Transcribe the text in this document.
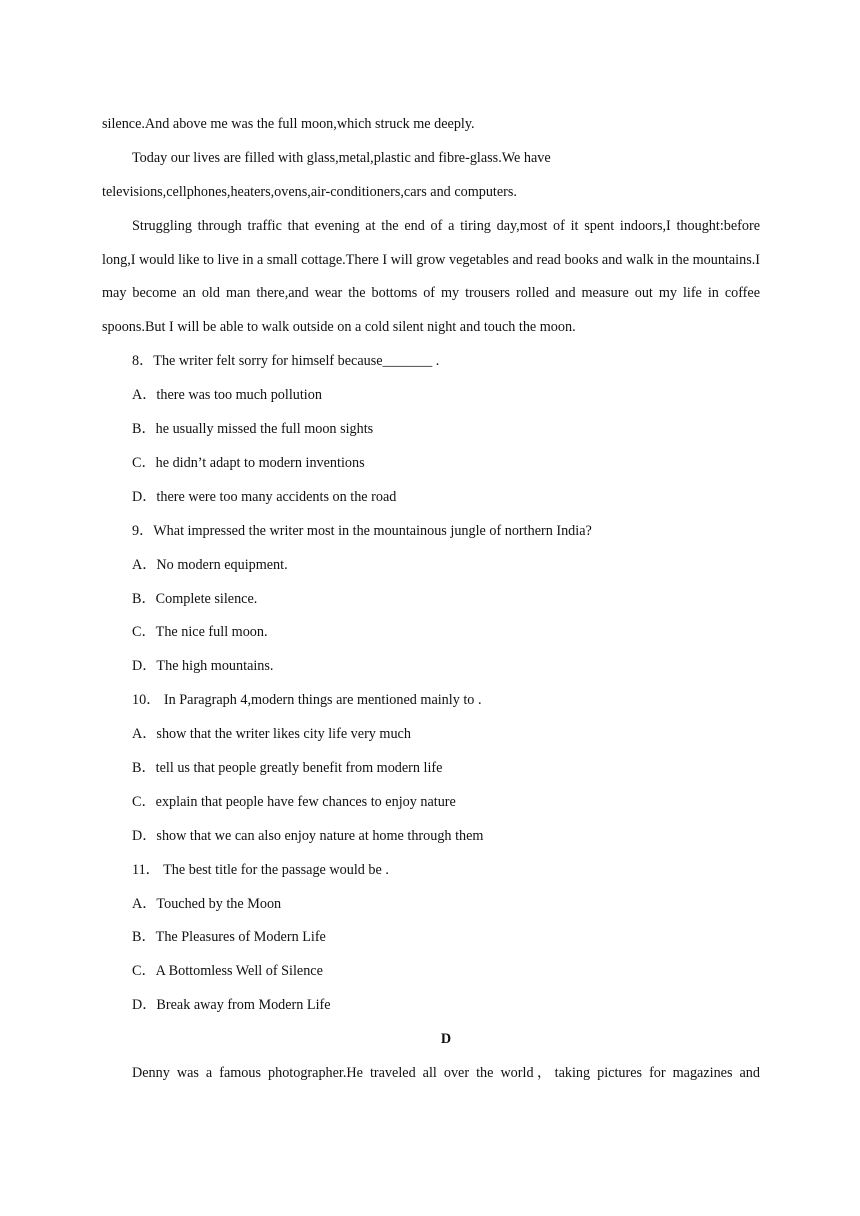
silence.And above me was the full moon,which struck me deeply.
Today our lives are filled with glass,metal,plastic and fibre-glass.We have
televisions,cellphones,heaters,ovens,air-conditioners,cars and computers.

Struggling through traffic that evening at the end of a tiring day,most of it spent indoors,I thought:before long,I would like to live in a small cottage.There I will grow vegetables and read books and walk in the mountains.I may become an old man there,and wear the bottoms of my trousers rolled and measure out my life in coffee spoons.But I will be able to walk outside on a cold silent night and touch the moon.

8．The writer felt sorry for himself because_______ .
A．there was too much pollution
B．he usually missed the full moon sights
C．he didn’t adapt to modern inventions
D．there were too many accidents on the road
9．What impressed the writer most in the mountainous jungle of northern India?
A．No modern equipment.
B．Complete silence.
C．The nice full moon.
D．The high mountains.
10． In Paragraph 4,modern things are mentioned mainly to .
A．show that the writer likes city life very much
B．tell us that people greatly benefit from modern life
C．explain that people have few chances to enjoy nature
D．show that we can also enjoy nature at home through them
11． The best title for the passage would be .
A．Touched by the Moon
B．The Pleasures of Modern Life
C．A Bottomless Well of Silence
D．Break away from Modern Life
D

Denny was a famous photographer.He traveled all over the world，taking pictures for magazines and
